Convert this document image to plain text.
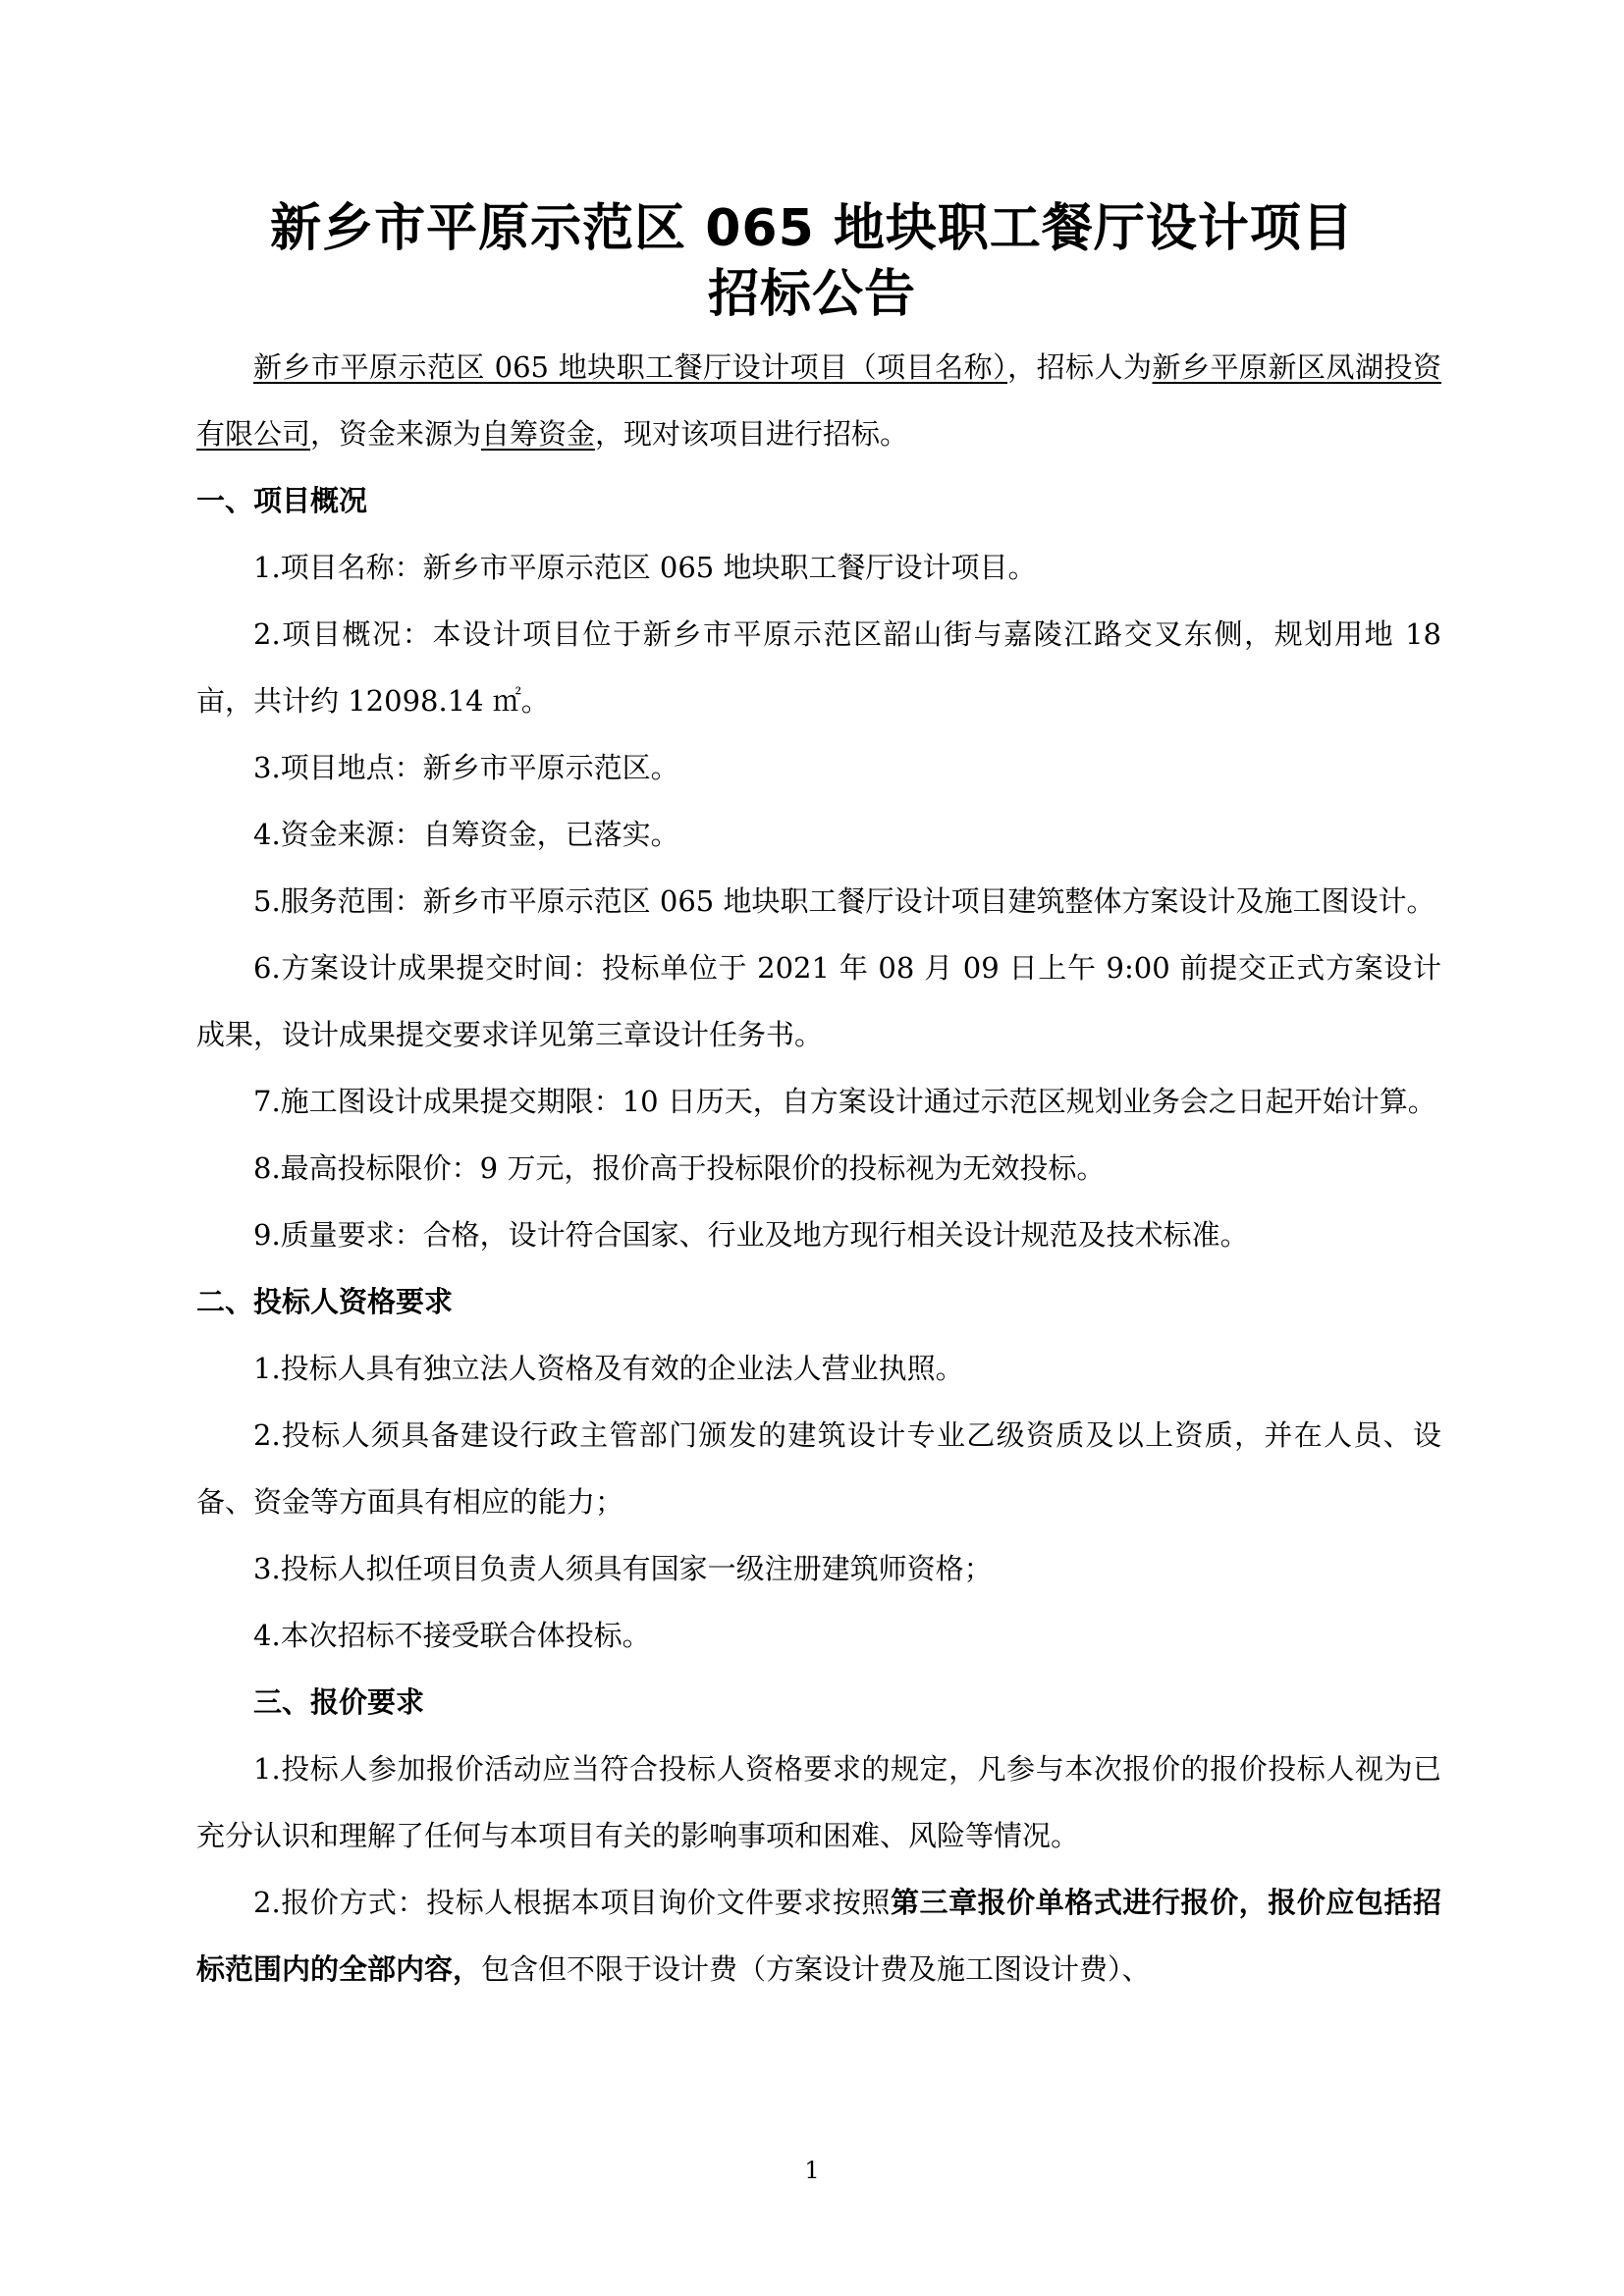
新乡市平原示范区 065 地块职工餐厅设计项目
招标公告

新乡市平原示范区 065 地块职工餐厅设计项目（项目名称），招标人为新乡平原新区凤湖投资有限公司，资金来源为自筹资金，现对该项目进行招标。

一、项目概况

1.项目名称：新乡市平原示范区 065 地块职工餐厅设计项目。

2.项目概况：本设计项目位于新乡市平原示范区韶山街与嘉陵江路交叉东侧，规划用地 18 亩，共计约 12098.14 ㎡。

3.项目地点：新乡市平原示范区。

4.资金来源：自筹资金，已落实。

5.服务范围：新乡市平原示范区 065 地块职工餐厅设计项目建筑整体方案设计及施工图设计。

6.方案设计成果提交时间：投标单位于 2021 年 08 月 09 日上午 9:00 前提交正式方案设计成果，设计成果提交要求详见第三章设计任务书。

7.施工图设计成果提交期限：10 日历天，自方案设计通过示范区规划业务会之日起开始计算。

8.最高投标限价：9 万元，报价高于投标限价的投标视为无效投标。

9.质量要求：合格，设计符合国家、行业及地方现行相关设计规范及技术标准。

二、投标人资格要求

1.投标人具有独立法人资格及有效的企业法人营业执照。

2.投标人须具备建设行政主管部门颁发的建筑设计专业乙级资质及以上资质，并在人员、设备、资金等方面具有相应的能力；

3.投标人拟任项目负责人须具有国家一级注册建筑师资格；

4.本次招标不接受联合体投标。

三、报价要求

1.投标人参加报价活动应当符合投标人资格要求的规定，凡参与本次报价的报价投标人视为已充分认识和理解了任何与本项目有关的影响事项和困难、风险等情况。

2.报价方式：投标人根据本项目询价文件要求按照第三章报价单格式进行报价，报价应包括招标范围内的全部内容，包含但不限于设计费（方案设计费及施工图设计费）、

1
